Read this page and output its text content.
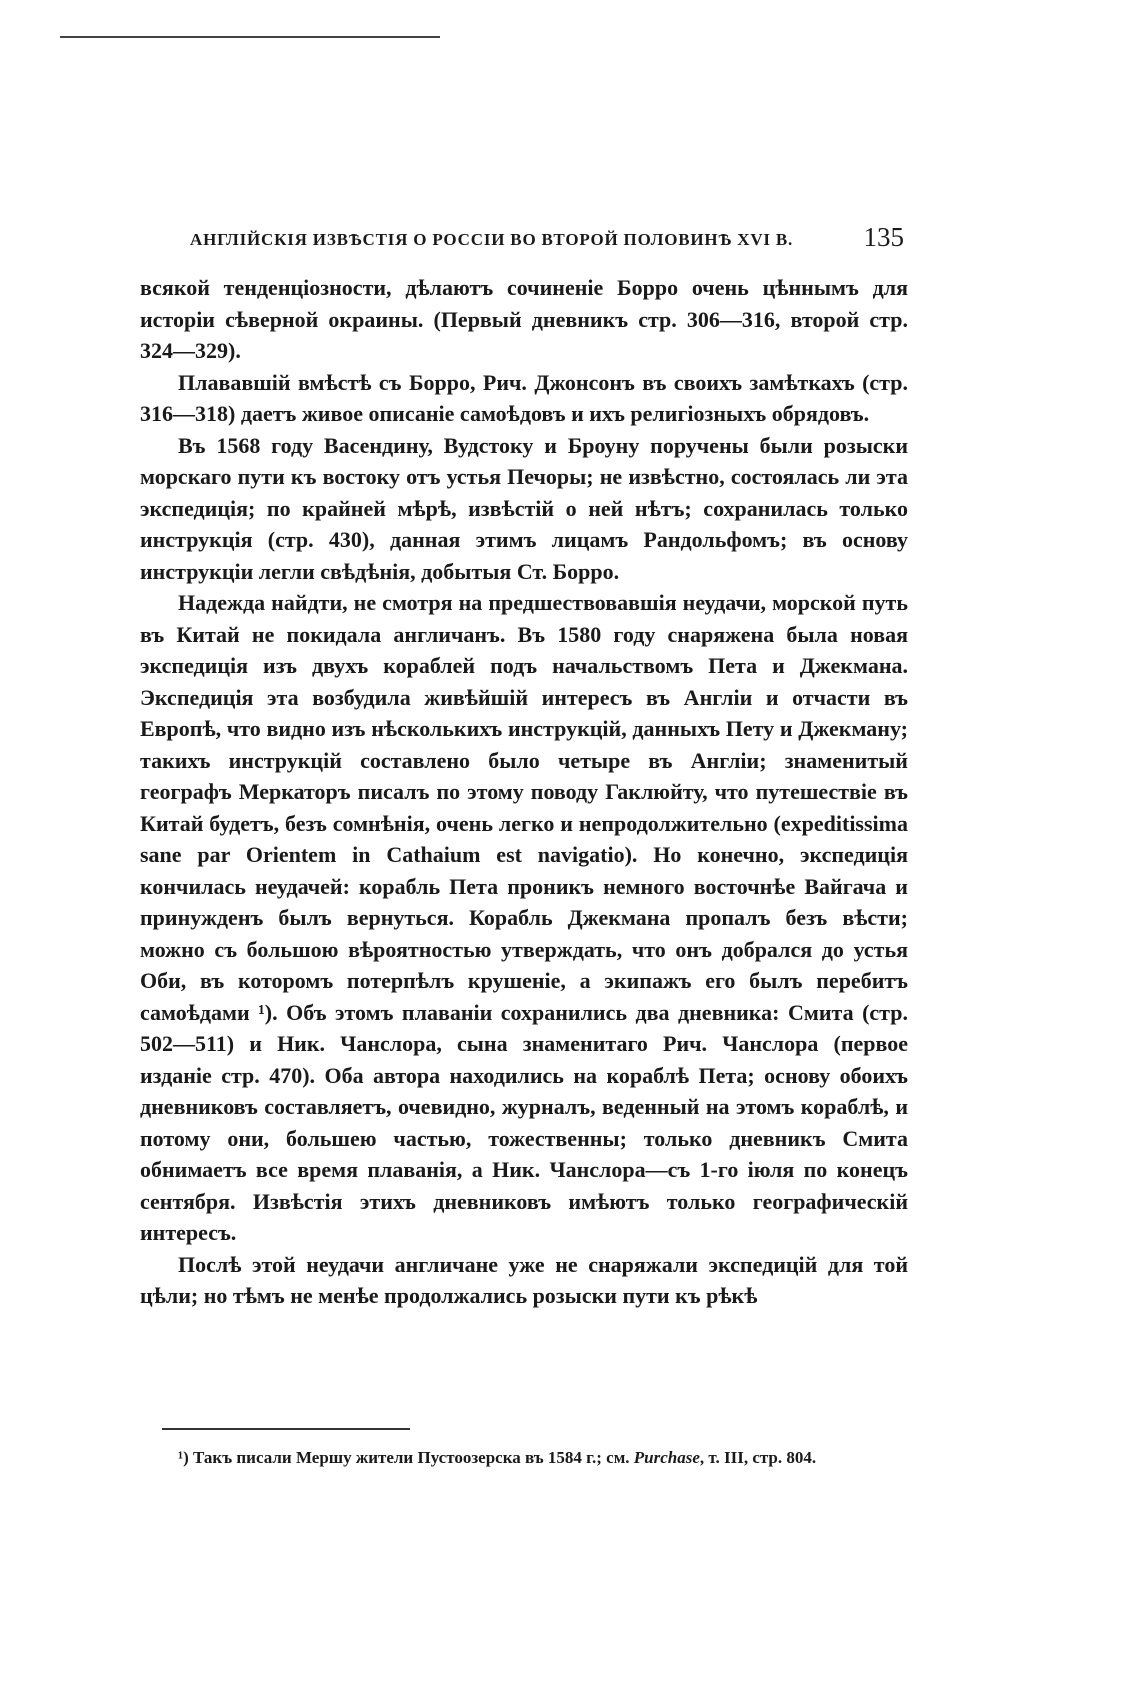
АНГЛІЙСКІЯ ИЗВѢСТІЯ О РОССІИ ВО ВТОРОЙ ПОЛОВИНѢ XVI В.	135

всякой тенденціозности, дѣлаютъ сочиненіе Борро очень цѣннымъ для исторіи сѣверной окраины. (Первый дневникъ стр. 306—316, второй стр. 324—329).

Плававшій вмѣстѣ съ Борро, Рич. Джонсонъ въ своихъ замѣткахъ (стр. 316—318) даетъ живое описаніе самоѣдовъ и ихъ религіозныхъ обрядовъ.

Въ 1568 году Васендину, Вудстоку и Броуну поручены были розыски морскаго пути къ востоку отъ устья Печоры; не извѣстно, состоялась ли эта экспедиція; по крайней мѣрѣ, извѣстій о ней нѣтъ; сохранилась только инструкція (стр. 430), данная этимъ лицамъ Рандольфомъ; въ основу инструкціи легли свѣдѣнія, добытыя Ст. Борро.

Надежда найдти, не смотря на предшествовавшія неудачи, морской путь въ Китай не покидала англичанъ. Въ 1580 году снаряжена была новая экспедиція изъ двухъ кораблей подъ начальствомъ Пета и Джекмана. Экспедиція эта возбудила живѣйшій интересъ въ Англіи и отчасти въ Европѣ, что видно изъ нѣсколькихъ инструкцій, данныхъ Пету и Джекману; такихъ инструкцій составлено было четыре въ Англіи; знаменитый географъ Меркаторъ писалъ по этому поводу Гаклюйту, что путешествіе въ Китай будетъ, безъ сомнѣнія, очень легко и непродолжительно (expeditissima sane par Orientem in Cathaium est navigatio). Но конечно, экспедиція кончилась неудачей: корабль Пета проникъ немного восточнѣе Вайгача и принужденъ былъ вернуться. Корабль Джекмана пропалъ безъ вѣсти; можно съ большою вѣроятностью утверждать, что онъ добрался до устья Оби, въ которомъ потерпѣлъ крушеніе, а экипажъ его былъ перебитъ самоѣдами ¹). Объ этомъ плаваніи сохранились два дневника: Смита (стр. 502—511) и Ник. Чанслора, сына знаменитаго Рич. Чанслора (первое изданіе стр. 470). Оба автора находились на кораблѣ Пета; основу обоихъ дневниковъ составляетъ, очевидно, журналъ, веденный на этомъ кораблѣ, и потому они, большею частью, тожественны; только дневникъ Смита обнимаетъ все время плаванія, а Ник. Чанслора—съ 1-го іюля по конецъ сентября. Извѣстія этихъ дневниковъ имѣютъ только географическій интересъ.

Послѣ этой неудачи англичане уже не снаряжали экспедицій для той цѣли; но тѣмъ не менѣе продолжались розыски пути къ рѣкѣ

¹) Такъ писали Мершу жители Пустоозерска въ 1584 г.; см. Purchase, т. III, стр. 804.
